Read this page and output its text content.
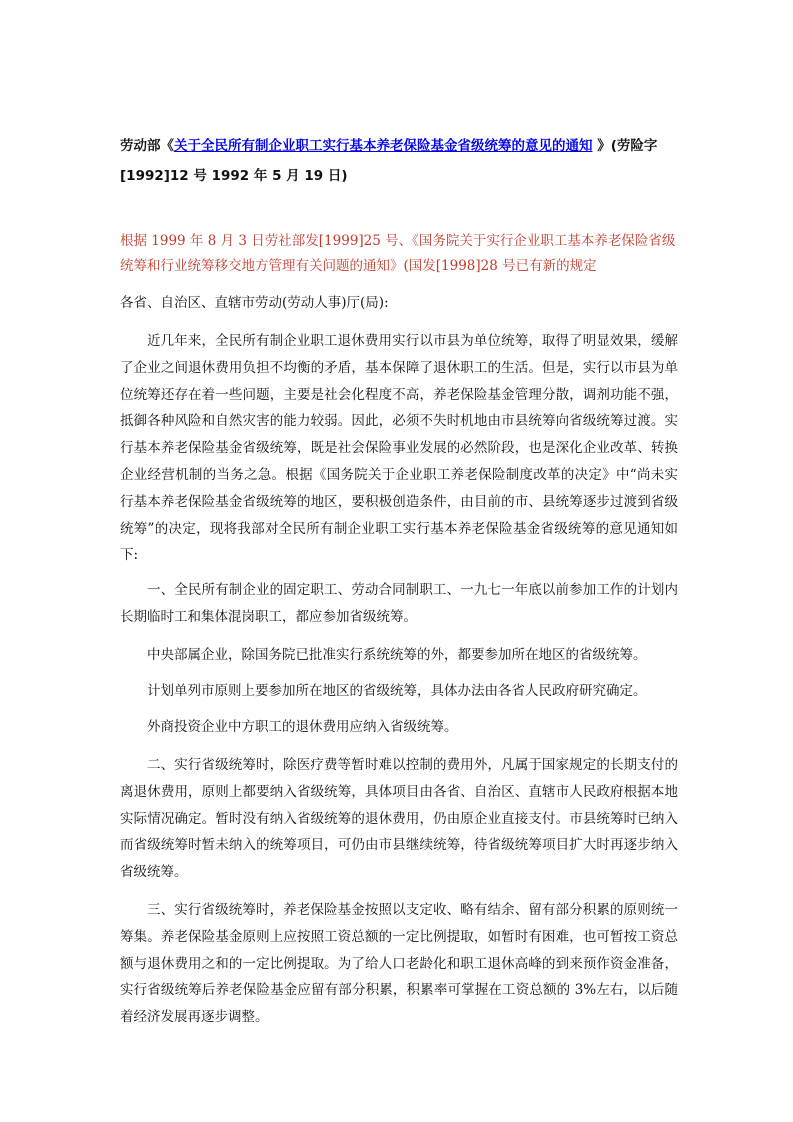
劳动部《关于全民所有制企业职工实行基本养老保险基金省级统筹的意见的通知 》(劳险字

[1992]12 号 1992 年 5 月 19 日)

根据 1999 年 8 月 3 日劳社部发[1999]25 号、《国务院关于实行企业职工基本养老保险省级统筹和行业统筹移交地方管理有关问题的通知》(国发[1998]28 号已有新的规定

各省、自治区、直辖市劳动(劳动人事)厅(局):

近几年来，全民所有制企业职工退休费用实行以市县为单位统筹，取得了明显效果，缓解了企业之间退休费用负担不均衡的矛盾，基本保障了退休职工的生活。但是，实行以市县为单位统筹还存在着一些问题，主要是社会化程度不高，养老保险基金管理分散，调剂功能不强，抵御各种风险和自然灾害的能力较弱。因此，必须不失时机地由市县统筹向省级统筹过渡。实行基本养老保险基金省级统筹，既是社会保险事业发展的必然阶段，也是深化企业改革、转换企业经营机制的当务之急。根据《国务院关于企业职工养老保险制度改革的决定》中“尚未实行基本养老保险基金省级统筹的地区，要积极创造条件，由目前的市、县统筹逐步过渡到省级统筹”的决定，现将我部对全民所有制企业职工实行基本养老保险基金省级统筹的意见通知如下:

一、全民所有制企业的固定职工、劳动合同制职工、一九七一年底以前参加工作的计划内长期临时工和集体混岗职工，都应参加省级统筹。

中央部属企业，除国务院已批准实行系统统筹的外，都要参加所在地区的省级统筹。

计划单列市原则上要参加所在地区的省级统筹，具体办法由各省人民政府研究确定。

外商投资企业中方职工的退休费用应纳入省级统筹。

二、实行省级统筹时，除医疗费等暂时难以控制的费用外，凡属于国家规定的长期支付的离退休费用，原则上都要纳入省级统筹，具体项目由各省、自治区、直辖市人民政府根据本地实际情况确定。暂时没有纳入省级统筹的退休费用，仍由原企业直接支付。市县统筹时已纳入而省级统筹时暂未纳入的统筹项目，可仍由市县继续统筹，待省级统筹项目扩大时再逐步纳入省级统筹。

三、实行省级统筹时，养老保险基金按照以支定收、略有结余、留有部分积累的原则统一筹集。养老保险基金原则上应按照工资总额的一定比例提取，如暂时有困难，也可暂按工资总额与退休费用之和的一定比例提取。为了给人口老龄化和职工退休高峰的到来预作资金准备，实行省级统筹后养老保险基金应留有部分积累，积累率可掌握在工资总额的 3%左右，以后随着经济发展再逐步调整。
